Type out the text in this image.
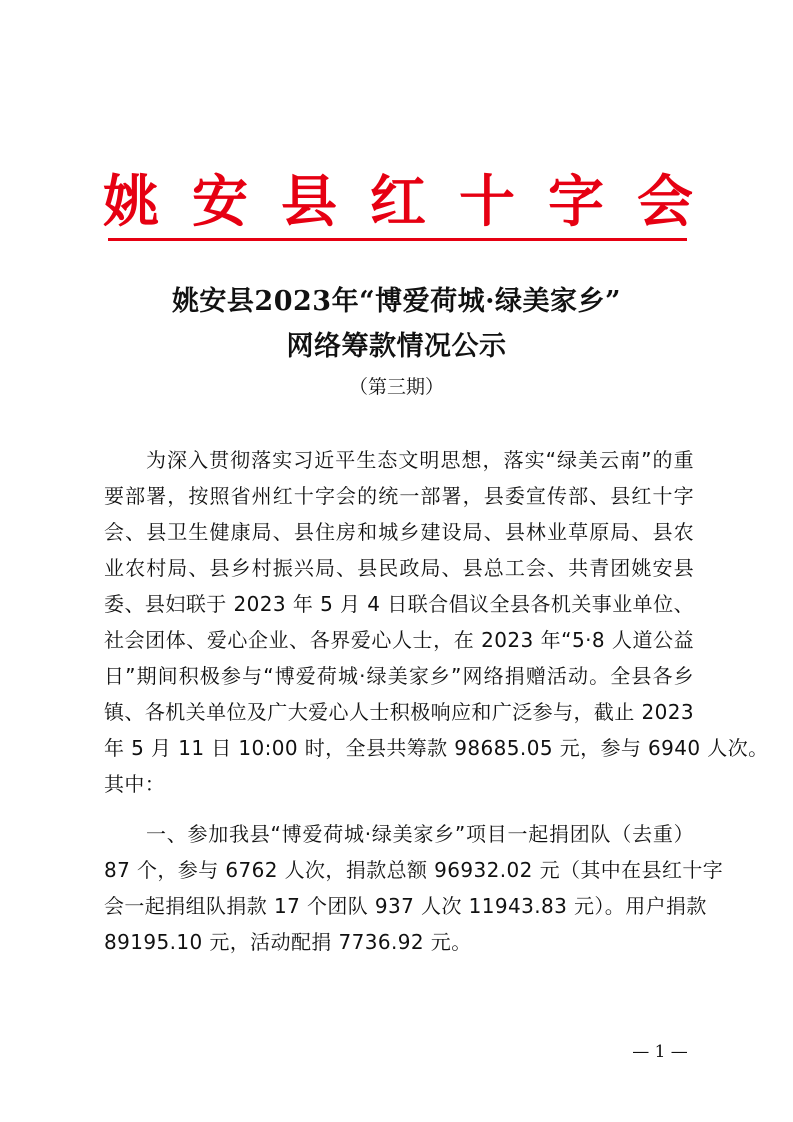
姚 安 县 红 十 字 会
姚安县2023年“博爱荷城·绿美家乡”
网络筹款情况公示
（第三期）
为深入贯彻落实习近平生态文明思想，落实“绿美云南”的重
要部署，按照省州红十字会的统一部署，县委宣传部、县红十字
会、县卫生健康局、县住房和城乡建设局、县林业草原局、县农
业农村局、县乡村振兴局、县民政局、县总工会、共青团姚安县
委、县妇联于 2023 年 5 月 4 日联合倡议全县各机关事业单位、
社会团体、爱心企业、各界爱心人士，在 2023 年“5·8 人道公益
日”期间积极参与“博爱荷城·绿美家乡”网络捐赠活动。全县各乡
镇、各机关单位及广大爱心人士积极响应和广泛参与，截止 2023
年 5 月 11 日 10:00 时，全县共筹款 98685.05 元，参与 6940 人次。
其中：
一、参加我县“博爱荷城·绿美家乡”项目一起捐团队（去重）
87 个，参与 6762 人次，捐款总额 96932.02 元（其中在县红十字
会一起捐组队捐款 17 个团队 937 人次 11943.83 元）。用户捐款
89195.10 元，活动配捐 7736.92 元。
— 1 —
